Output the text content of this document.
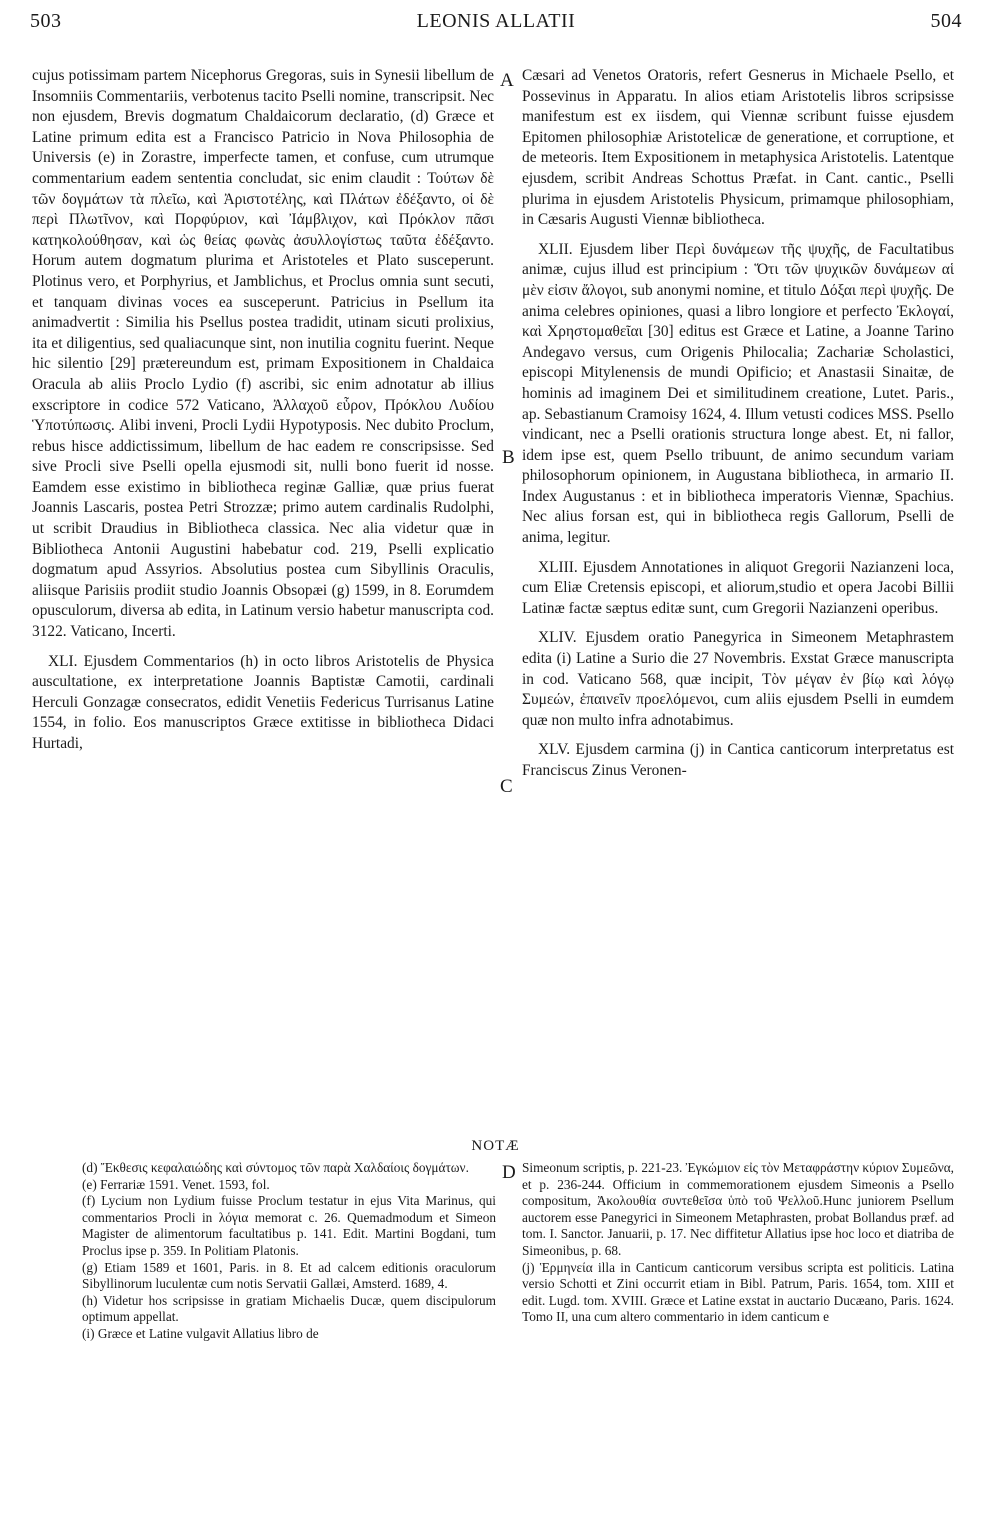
503	LEONIS ALLATII	504
A
B
C
D

cujus potissimam partem Nicephorus Gregoras, suis in Synesii libellum de Insomniis Commentariis, verbotenus tacito Pselli nomine, transcripsit. Nec non ejusdem, Brevis dogmatum Chaldaicorum declaratio, (d) Græce et Latine primum edita est a Francisco Patricio in Nova Philosophia de Universis (e) in Zorastre, imperfecte tamen, et confuse, cum utrumque commentarium eadem sententia concludat, sic enim claudit : Τούτων δὲ τῶν δογμάτων τὰ πλεῖω, καὶ Ἀριστοτέλης, καὶ Πλάτων ἐδέξαντο, οἱ δὲ περὶ Πλωτῖνον, καὶ Πορφύριον, καὶ Ἰάμβλιχον, καὶ Πρόκλον πᾶσι κατηκολούθησαν, καὶ ὡς θείας φωνὰς ἀσυλλογίστως ταῦτα ἐδέξαντο. Horum autem dogmatum plurima et Aristoteles et Plato susceperunt. Plotinus vero, et Porphyrius, et Jamblichus, et Proclus omnia sunt secuti, et tanquam divinas voces ea susceperunt. Patricius in Psellum ita animadvertit : Similia his Psellus postea tradidit, utinam sicuti prolixius, ita et diligentius, sed qualiacunque sint, non inutilia cognitu fuerint. Neque hic silentio [29] prætereundum est, primam Expositionem in Chaldaica Oracula ab aliis Proclo Lydio (f) ascribi, sic enim adnotatur ab illius exscriptore in codice 572 Vaticano, Ἀλλαχοῦ εὗρον, Πρόκλου Λυδίου Ὑποτύπωσις. Alibi inveni, Procli Lydii Hypotyposis. Nec dubito Proclum, rebus hisce addictissimum, libellum de hac eadem re conscripsisse. Sed sive Procli sive Pselli opella ejusmodi sit, nulli bono fuerit id nosse. Eamdem esse existimo in bibliotheca reginæ Galliæ, quæ prius fuerat Joannis Lascaris, postea Petri Strozzæ; primo autem cardinalis Rudolphi, ut scribit Draudius in Bibliotheca classica. Nec alia videtur quæ in Bibliotheca Antonii Augustini habebatur cod. 219, Pselli explicatio dogmatum apud Assyrios. Absolutius postea cum Sibyllinis Oraculis, aliisque Parisiis prodiit studio Joannis Obsopæi (g) 1599, in 8. Eorumdem opusculorum, diversa ab edita, in Latinum versio habetur manuscripta cod. 3122. Vaticano, Incerti.

XLI. Ejusdem Commentarios (h) in octo libros Aristotelis de Physica auscultatione, ex interpretatione Joannis Baptistæ Camotii, cardinali Herculi Gonzagæ consecratos, edidit Venetiis Federicus Turrisanus Latine 1554, in folio. Eos manuscriptos Græce extitisse in bibliotheca Didaci Hurtadi,

Cæsari ad Venetos Oratoris, refert Gesnerus in Michaele Psello, et Possevinus in Apparatu. In alios etiam Aristotelis libros scripsisse manifestum est ex iisdem, qui Viennæ scribunt fuisse ejusdem Epitomen philosophiæ Aristotelicæ de generatione, et corruptione, et de meteoris. Item Expositionem in metaphysica Aristotelis. Latentque ejusdem, scribit Andreas Schottus Præfat. in Cant. cantic., Pselli plurima in ejusdem Aristotelis Physicum, primamque philosophiam, in Cæsaris Augusti Viennæ bibliotheca.

XLII. Ejusdem liber Περὶ δυνάμεων τῆς ψυχῆς, de Facultatibus animæ, cujus illud est principium : Ὅτι τῶν ψυχικῶν δυνάμεων αἱ μὲν εἰσιν ἄλογοι, sub anonymi nomine, et titulo Δόξαι περὶ ψυχῆς. De anima celebres opiniones, quasi a libro longiore et perfecto Ἐκλογαί, καὶ Χρηστομαθεῖαι [30] editus est Græce et Latine, a Joanne Tarino Andegavo versus, cum Origenis Philocalia; Zachariæ Scholastici, episcopi Mitylenensis de mundi Opificio; et Anastasii Sinaitæ, de hominis ad imaginem Dei et similitudinem creatione, Lutet. Paris., ap. Sebastianum Cramoisy 1624, 4. Illum vetusti codices MSS. Psello vindicant, nec a Pselli orationis structura longe abest. Et, ni fallor, idem ipse est, quem Psello tribuunt, de animo secundum variam philosophorum opinionem, in Augustana bibliotheca, in armario II. Index Augustanus : et in bibliotheca imperatoris Viennæ, Spachius. Nec alius forsan est, qui in bibliotheca regis Gallorum, Pselli de anima, legitur.

XLIII. Ejusdem Annotationes in aliquot Gregorii Nazianzeni loca, cum Eliæ Cretensis episcopi, et aliorum,studio et opera Jacobi Billii Latinæ factæ sæptus editæ sunt, cum Gregorii Nazianzeni operibus.

XLIV. Ejusdem oratio Panegyrica in Simeonem Metaphrastem edita (i) Latine a Surio die 27 Novembris. Exstat Græce manuscripta in cod. Vaticano 568, quæ incipit, Τὸν μέγαν ἐν βίῳ καὶ λόγῳ Συμεών, ἐπαινεῖν προελόμενοι, cum aliis ejusdem Pselli in eumdem quæ non multo infra adnotabimus.

XLV. Ejusdem carmina (j) in Cantica canticorum interpretatus est Franciscus Zinus Veronen-

NOTÆ

(d) Ἔκθεσις κεφαλαιώδης καὶ σύντομος τῶν παρὰ Χαλδαίοις δογμάτων.

(e) Ferrariæ 1591. Venet. 1593, fol.

(f) Lycium non Lydium fuisse Proclum testatur in ejus Vita Marinus, qui commentarios Procli in λόγια memorat c. 26. Quemadmodum et Simeon Magister de alimentorum facultatibus p. 141. Edit. Martini Bogdani, tum Proclus ipse p. 359. In Politiam Platonis.

(g) Etiam 1589 et 1601, Paris. in 8. Et ad calcem editionis oraculorum Sibyllinorum luculentæ cum notis Servatii Gallæi, Amsterd. 1689, 4.

(h) Videtur hos scripsisse in gratiam Michaelis Ducæ, quem discipulorum optimum appellat.

(i) Græce et Latine vulgavit Allatius libro de

Simeonum scriptis, p. 221-23. Ἐγκώμιον εἰς τὸν Μεταφράστην κύριον Συμεῶνα, et p. 236-244. Officium in commemorationem ejusdem Simeonis a Psello compositum, Ἀκολουθία συντεθεῖσα ὑπὸ τοῦ Ψελλοῦ.Hunc juniorem Psellum auctorem esse Panegyrici in Simeonem Metaphrasten, probat Bollandus præf. ad tom. I. Sanctor. Januarii, p. 17. Nec diffitetur Allatius ipse hoc loco et diatriba de Simeonibus, p. 68.

(j) Ἑρμηνεία illa in Canticum canticorum versibus scripta est politicis. Latina versio Schotti et Zini occurrit etiam in Bibl. Patrum, Paris. 1654, tom. XIII et edit. Lugd. tom. XVIII. Græce et Latine exstat in auctario Ducæano, Paris. 1624. Tomo II, una cum altero commentario in idem canticum e
